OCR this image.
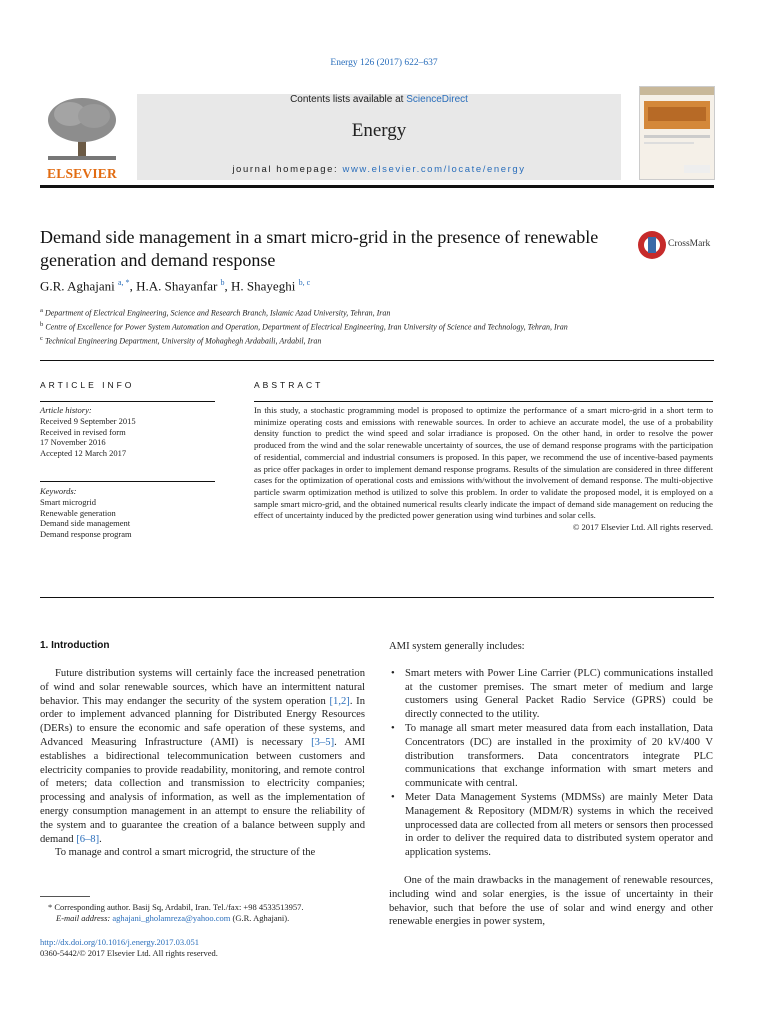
Energy 126 (2017) 622–637
ELSEVIER
Contents lists available at ScienceDirect
Energy
journal homepage: www.elsevier.com/locate/energy
Demand side management in a smart micro-grid in the presence of renewable generation and demand response
CrossMark
G.R. Aghajani $^{a, *}$, H.A. Shayanfar $^b$, H. Shayeghi $^{b, c}$
$^a$ Department of Electrical Engineering, Science and Research Branch, Islamic Azad University, Tehran, Iran
$^b$ Centre of Excellence for Power System Automation and Operation, Department of Electrical Engineering, Iran University of Science and Technology, Tehran, Iran
$^c$ Technical Engineering Department, University of Mohaghegh Ardabaili, Ardabil, Iran
ARTICLE INFO
Article history:
Received 9 September 2015
Received in revised form
17 November 2016
Accepted 12 March 2017
Keywords:
Smart microgrid
Renewable generation
Demand side management
Demand response program
ABSTRACT
In this study, a stochastic programming model is proposed to optimize the performance of a smart micro-grid in a short term to minimize operating costs and emissions with renewable sources. In order to achieve an accurate model, the use of a probability density function to predict the wind speed and solar irradiance is proposed. On the other hand, in order to resolve the power produced from the wind and the solar renewable uncertainty of sources, the use of demand response programs with the participation of residential, commercial and industrial consumers is proposed. In this paper, we recommend the use of incentive-based payments as price offer packages in order to implement demand response programs. Results of the simulation are considered in three different cases for the optimization of operational costs and emissions with/without the involvement of demand response. The multi-objective particle swarm optimization method is utilized to solve this problem. In order to validate the proposed model, it is employed on a sample smart micro-grid, and the obtained numerical results clearly indicate the impact of demand side management on reducing the effect of uncertainty induced by the predicted power generation using wind turbines and solar cells.
© 2017 Elsevier Ltd. All rights reserved.
1. Introduction

Future distribution systems will certainly face the increased penetration of wind and solar renewable sources, which have an intermittent natural behavior. This may endanger the security of the system operation [1,2]. In order to implement advanced planning for Distributed Energy Resources (DERs) to ensure the economic and safe operation of these systems, and Advanced Measuring Infrastructure (AMI) is necessary [3–5]. AMI establishes a bidirectional telecommunication between customers and electricity companies to provide readability, monitoring, and remote control of meters; data collection and transmission to electricity companies; processing and analysis of information, as well as the implementation of energy consumption management in an attempt to ensure the reliability of the system and to guarantee the creation of a balance between supply and demand [6–8].

To manage and control a smart microgrid, the structure of the

AMI system generally includes:
• Smart meters with Power Line Carrier (PLC) communications installed at the customer premises. The smart meter of medium and large customers using General Packet Radio Service (GPRS) could be directly connected to the utility.
• To manage all smart meter measured data from each installation, Data Concentrators (DC) are installed in the proximity of 20 kV/400 V distribution transformers. Data concentrators integrate PLC communications that exchange information with smart meters and communicate with central.
• Meter Data Management Systems (MDMSs) are mainly Meter Data Management & Repository (MDM/R) systems in which the received unprocessed data are collected from all meters or sensors then processed in order to deliver the required data to distributed system operator and application systems.

One of the main drawbacks in the management of renewable resources, including wind and solar energies, is the issue of uncertainty in their behavior, such that before the use of solar and wind energy and other renewable energies in power system,

* Corresponding author. Basij Sq, Ardabil, Iran. Tel./fax: +98 4533513957.
E-mail address: aghajani_gholamreza@yahoo.com (G.R. Aghajani).
http://dx.doi.org/10.1016/j.energy.2017.03.051
0360-5442/© 2017 Elsevier Ltd. All rights reserved.
